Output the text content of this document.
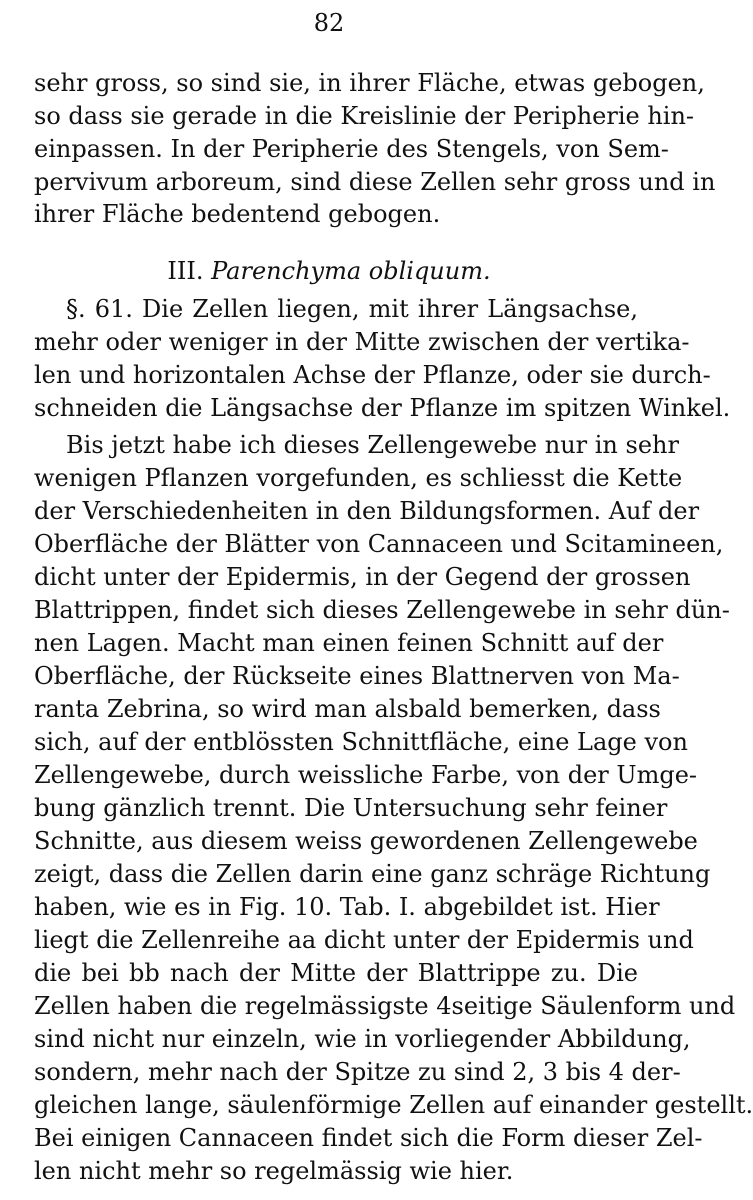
82
sehr gross, so sind sie, in ihrer Fläche, etwas gebogen,
so dass sie gerade in die Kreislinie der Peripherie hin-
einpassen. In der Peripherie des Stengels, von Sem-
pervivum arboreum, sind diese Zellen sehr gross und in
ihrer Fläche bedentend gebogen.
III. Parenchyma obliquum.
§. 61. Die Zellen liegen, mit ihrer Längsachse,
mehr oder weniger in der Mitte zwischen der vertika-
len und horizontalen Achse der Pflanze, oder sie durch-
schneiden die Längsachse der Pflanze im spitzen Winkel.
Bis jetzt habe ich dieses Zellengewebe nur in sehr
wenigen Pflanzen vorgefunden, es schliesst die Kette
der Verschiedenheiten in den Bildungsformen. Auf der
Oberfläche der Blätter von Cannaceen und Scitamineen,
dicht unter der Epidermis, in der Gegend der grossen
Blattrippen, findet sich dieses Zellengewebe in sehr dün-
nen Lagen. Macht man einen feinen Schnitt auf der
Oberfläche, der Rückseite eines Blattnerven von Ma-
ranta Zebrina, so wird man alsbald bemerken, dass
sich, auf der entblössten Schnittfläche, eine Lage von
Zellengewebe, durch weissliche Farbe, von der Umge-
bung gänzlich trennt. Die Untersuchung sehr feiner
Schnitte, aus diesem weiss gewordenen Zellengewebe
zeigt, dass die Zellen darin eine ganz schräge Richtung
haben, wie es in Fig. 10. Tab. I. abgebildet ist. Hier
liegt die Zellenreihe aa dicht unter der Epidermis und
die bei bb nach der Mitte der Blattrippe zu. Die
Zellen haben die regelmässigste 4seitige Säulenform und
sind nicht nur einzeln, wie in vorliegender Abbildung,
sondern, mehr nach der Spitze zu sind 2, 3 bis 4 der-
gleichen lange, säulenförmige Zellen auf einander gestellt.
Bei einigen Cannaceen findet sich die Form dieser Zel-
len nicht mehr so regelmässig wie hier.
